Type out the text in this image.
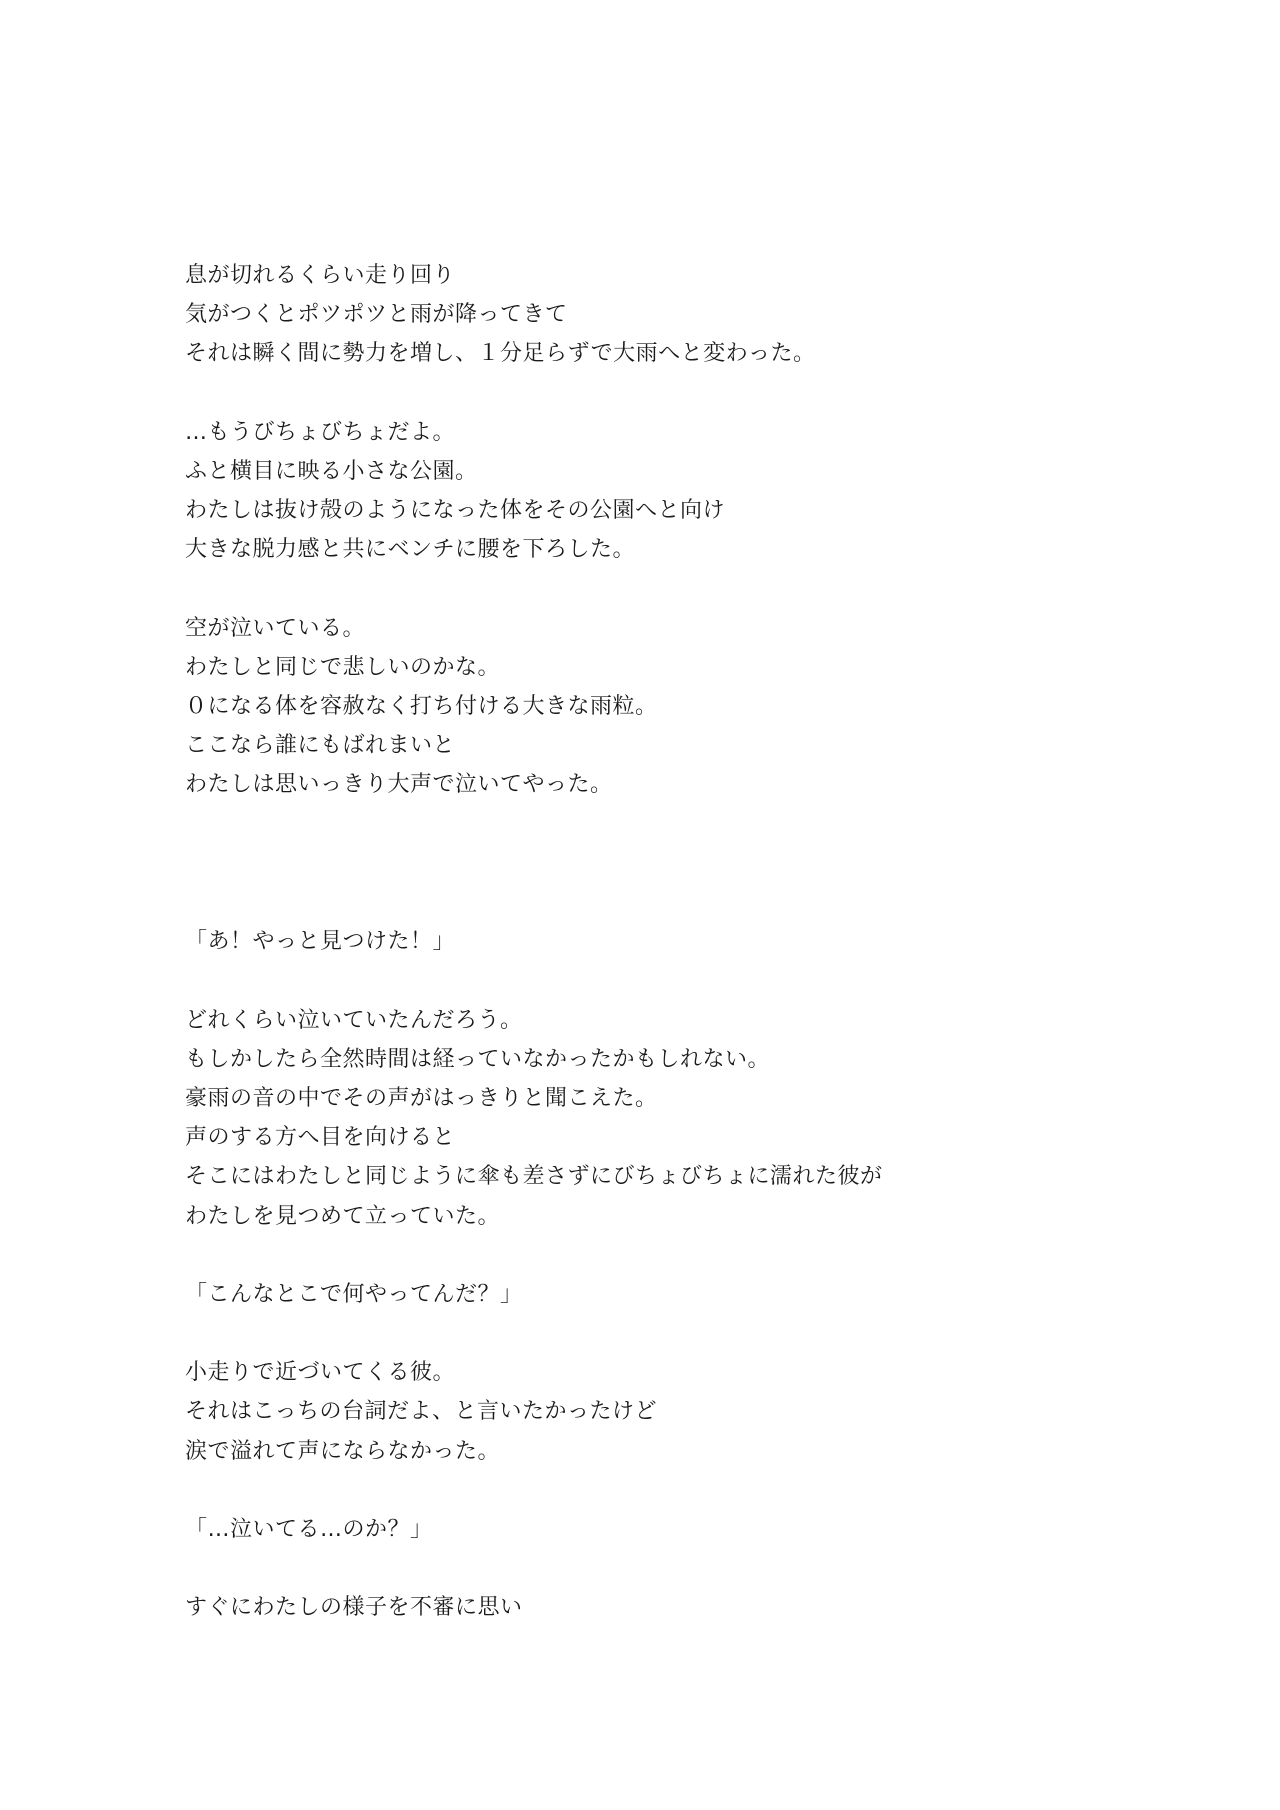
息が切れるくらい走り回り
気がつくとポツポツと雨が降ってきて
それは瞬く間に勢力を増し、１分足らずで大雨へと変わった。
…もうびちょびちょだよ。
ふと横目に映る小さな公園。
わたしは抜け殻のようになった体をその公園へと向け
大きな脱力感と共にベンチに腰を下ろした。
空が泣いている。
わたしと同じで悲しいのかな。
０になる体を容赦なく打ち付ける大きな雨粒。
ここなら誰にもばれまいと
わたしは思いっきり大声で泣いてやった。
「あ！やっと見つけた！」
どれくらい泣いていたんだろう。
もしかしたら全然時間は経っていなかったかもしれない。
豪雨の音の中でその声がはっきりと聞こえた。
声のする方へ目を向けると
そこにはわたしと同じように傘も差さずにびちょびちょに濡れた彼が
わたしを見つめて立っていた。
「こんなとこで何やってんだ？」
小走りで近づいてくる彼。
それはこっちの台詞だよ、と言いたかったけど
涙で溢れて声にならなかった。
「…泣いてる…のか？」
すぐにわたしの様子を不審に思い
